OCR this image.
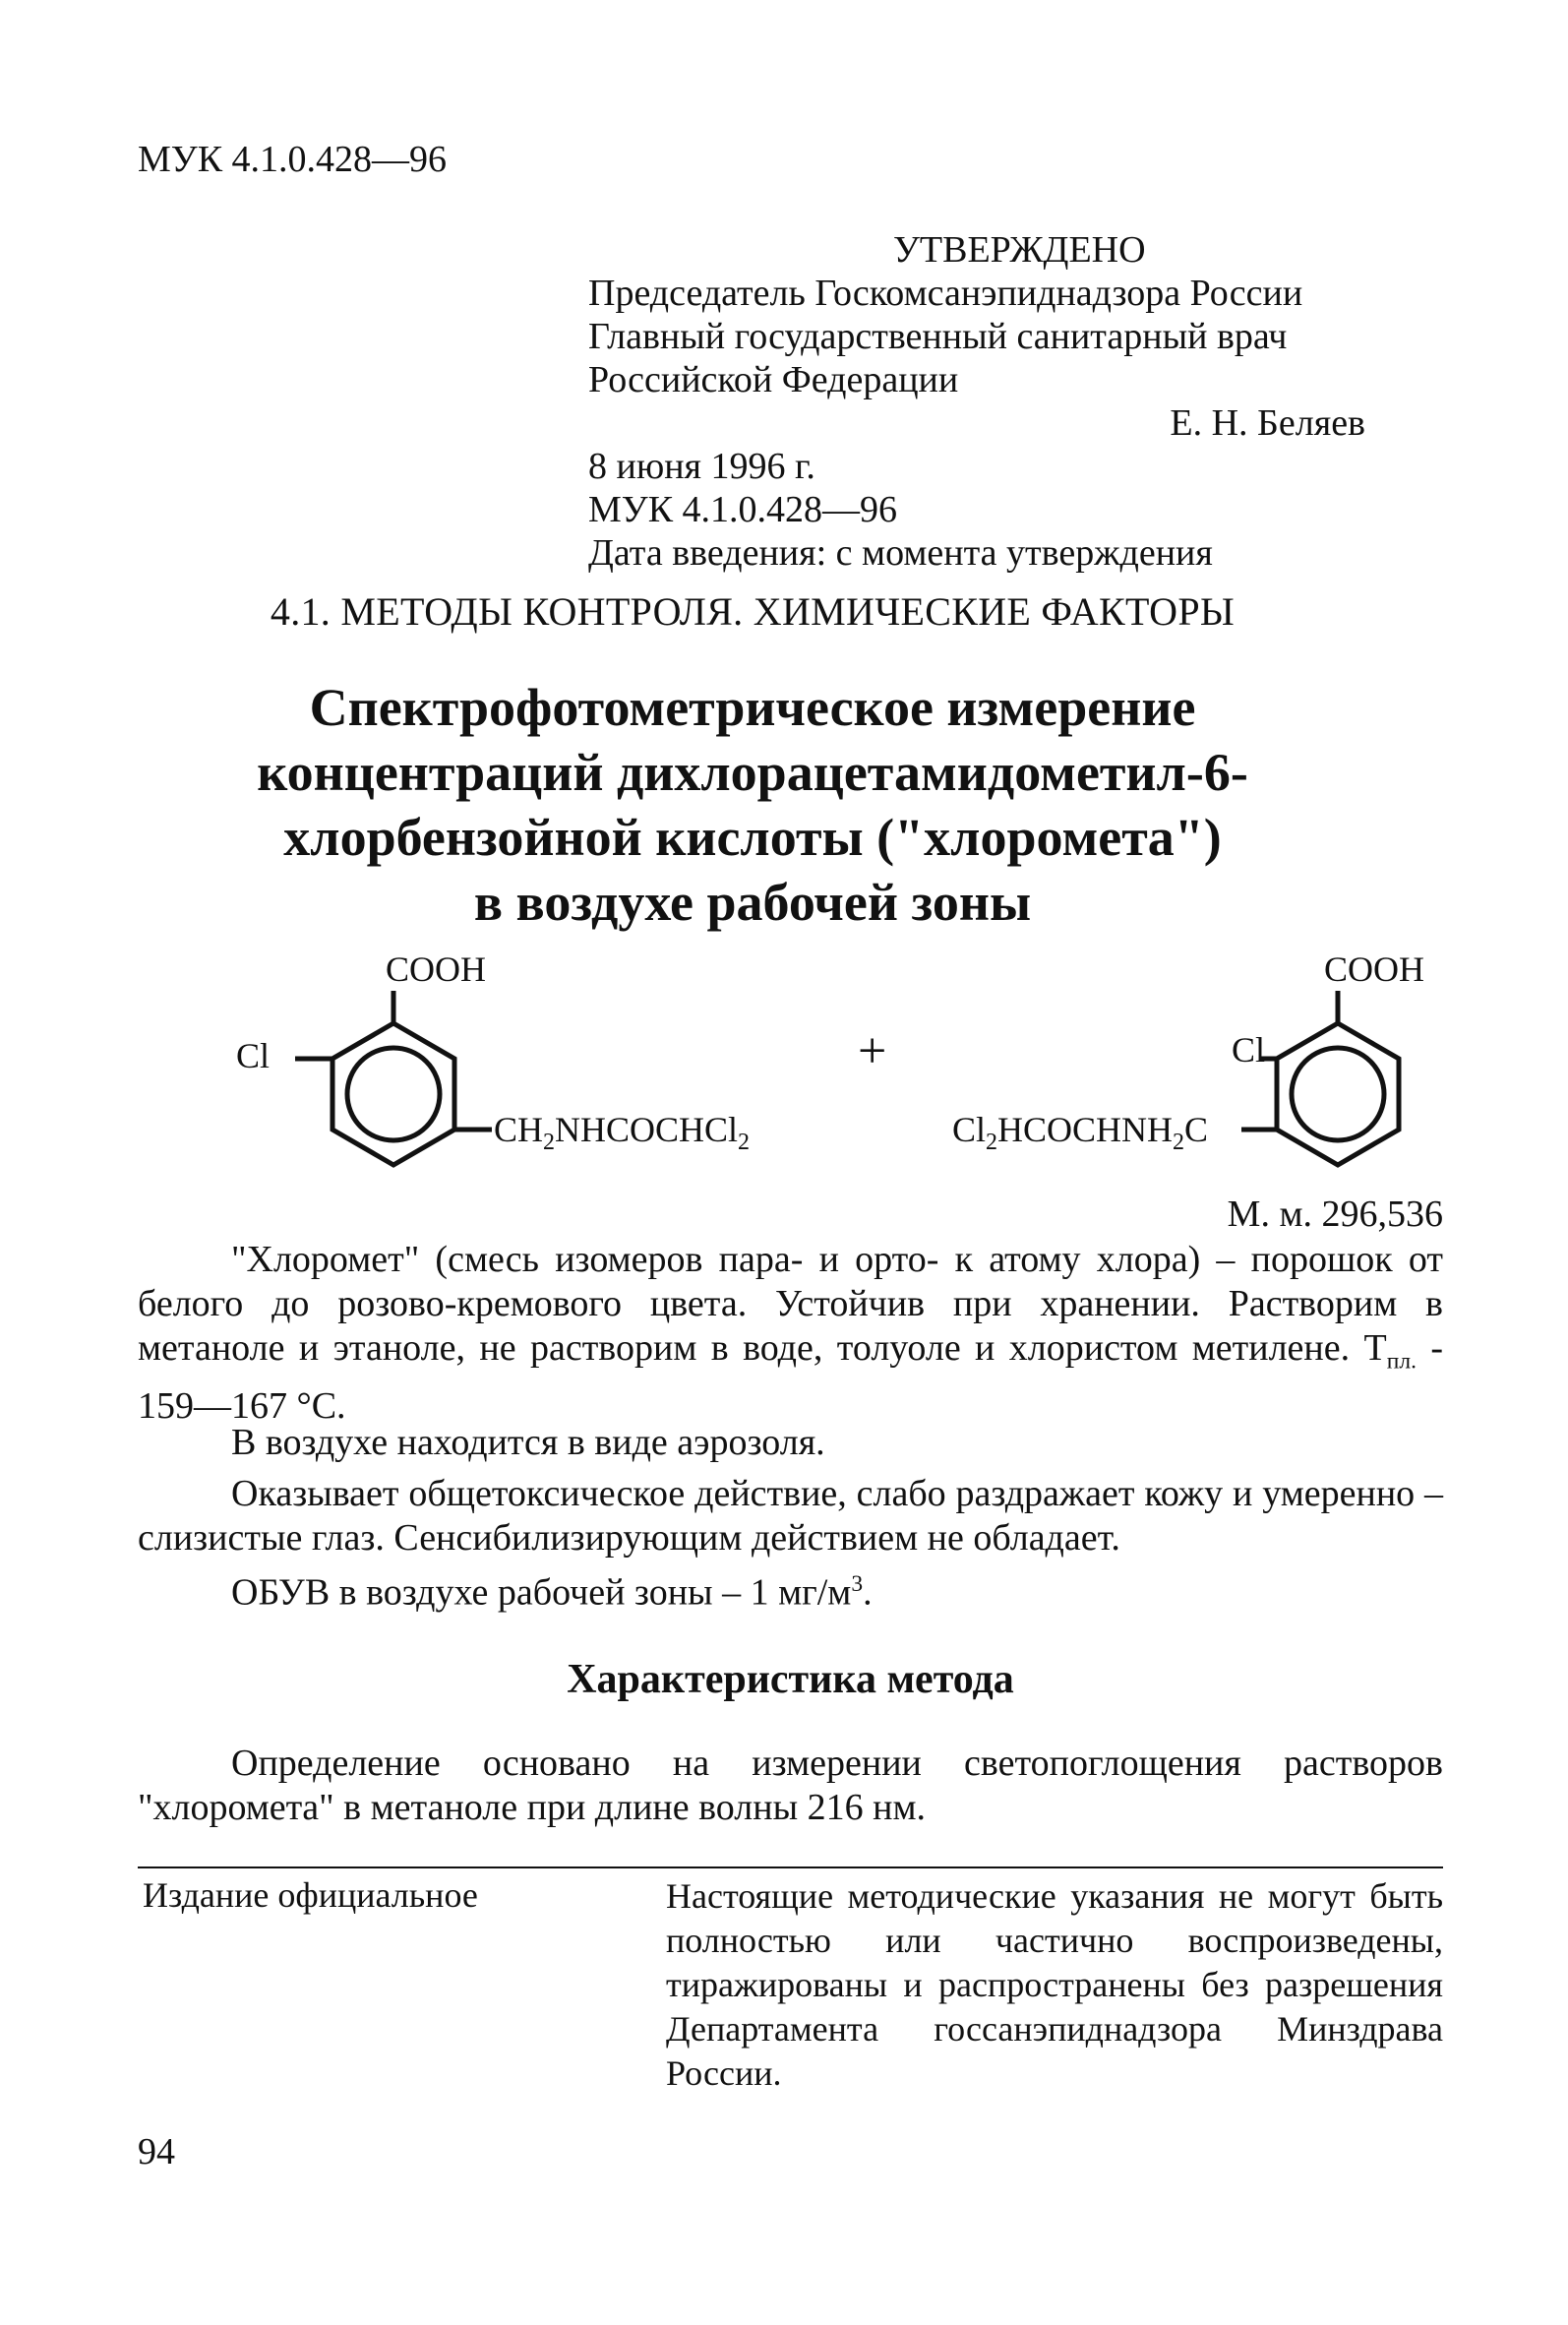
МУК 4.1.0.428—96
УТВЕРЖДЕНО
Председатель Госкомсанэпиднадзора России
Главный государственный санитарный врач
Российской Федерации
Е. Н. Беляев
8 июня 1996 г.
МУК 4.1.0.428—96
Дата введения: с момента утверждения
4.1. МЕТОДЫ КОНТРОЛЯ. ХИМИЧЕСКИЕ ФАКТОРЫ
Спектрофотометрическое измерение
концентраций дихлорацетамидометил-6-
хлорбензойной кислоты ("хлорометa")
в воздухе рабочей зоны
COOH
Cl
$CH_2NHCOCHCl_2$
+
COOH
Cl
$Cl_2HCOCHNH_2C$
М. м. 296,536
"Хлоромет" (смесь изомеров пара- и орто- к атому хлора) – порошок от белого до розово-кремового цвета. Устойчив при хранении. Растворим в метаноле и этаноле, не растворим в воде, толуоле и хлористом метилене. $T_{пл.}$ - 159—167 °С.
В воздухе находится в виде аэрозоля.
Оказывает общетоксическое действие, слабо раздражает кожу и умеренно – слизистые глаз. Сенсибилизирующим действием не обладает.
ОБУВ в воздухе рабочей зоны – 1 $мг/м^3$.
Характеристика метода
Определение основано на измерении светопоглощения растворов "хлорометa" в метаноле при длине волны 216 нм.
Издание официальное	Настоящие методические указания не могут быть полностью или частично воспроизведены, тиражированы и распространены без разрешения Департамента госсанэпиднадзора Минздрава России.
94
